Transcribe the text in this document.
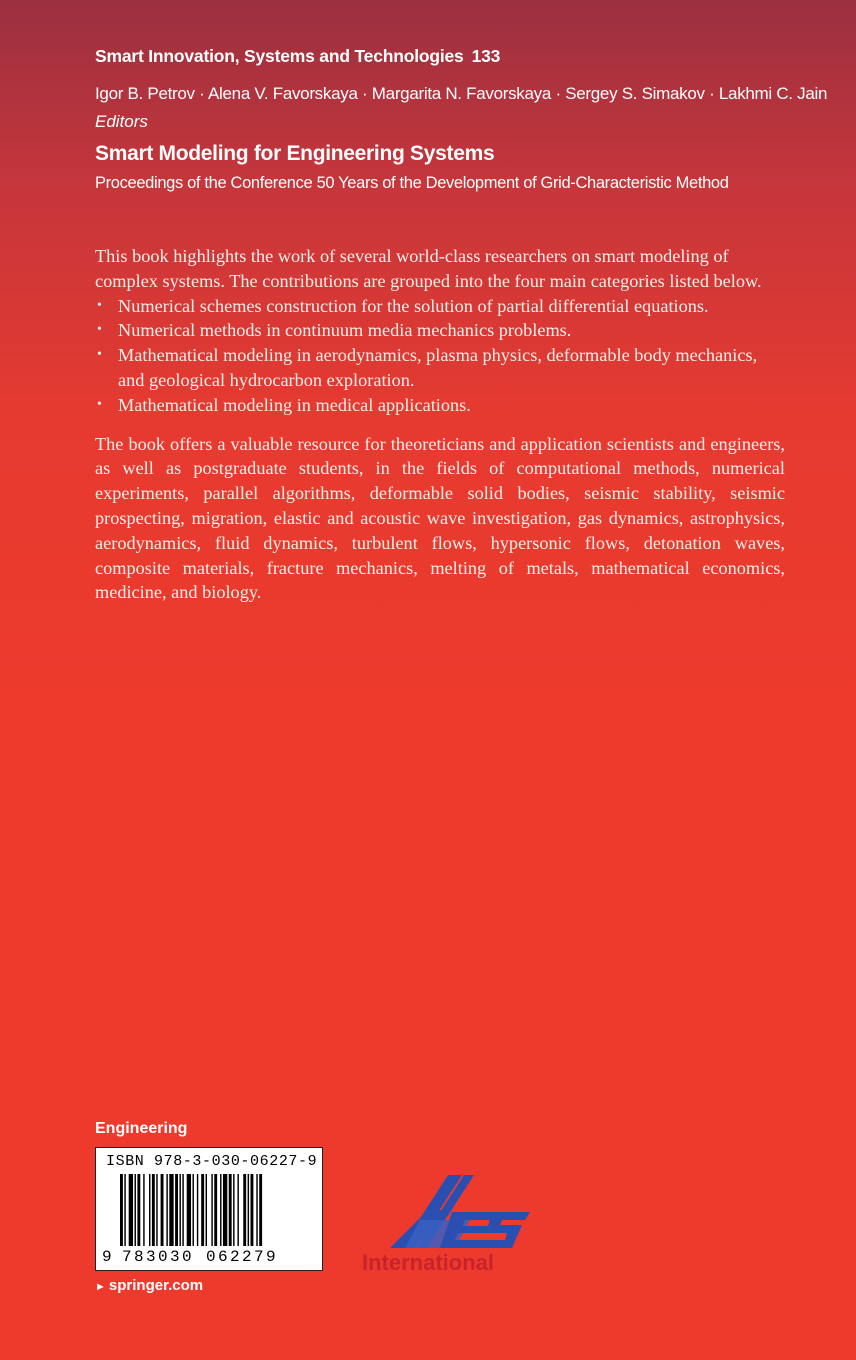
Smart Innovation, Systems and Technologies 133
Igor B. Petrov · Alena V. Favorskaya · Margarita N. Favorskaya · Sergey S. Simakov · Lakhmi C. Jain
Editors
Smart Modeling for Engineering Systems
Proceedings of the Conference 50 Years of the Development of Grid-Characteristic Method

This book highlights the work of several world-class researchers on smart modeling of complex systems. The contributions are grouped into the four main categories listed below.

• Numerical schemes construction for the solution of partial differential equations.
• Numerical methods in continuum media mechanics problems.
• Mathematical modeling in aerodynamics, plasma physics, deformable body mechanics, and geological hydrocarbon exploration.
• Mathematical modeling in medical applications.

The book offers a valuable resource for theoreticians and application scientists and engineers, as well as postgraduate students, in the fields of computational methods, numerical experiments, parallel algorithms, deformable solid bodies, seismic stability, seismic prospecting, migration, elastic and acoustic wave investigation, gas dynamics, astrophysics, aerodynamics, fluid dynamics, turbulent flows, hypersonic flows, detonation waves, composite materials, fracture mechanics, melting of metals, mathematical economics, medicine, and biology.

Engineering
ISBN 978-3-030-06227-9
9 783030 062279
► springer.com
International
